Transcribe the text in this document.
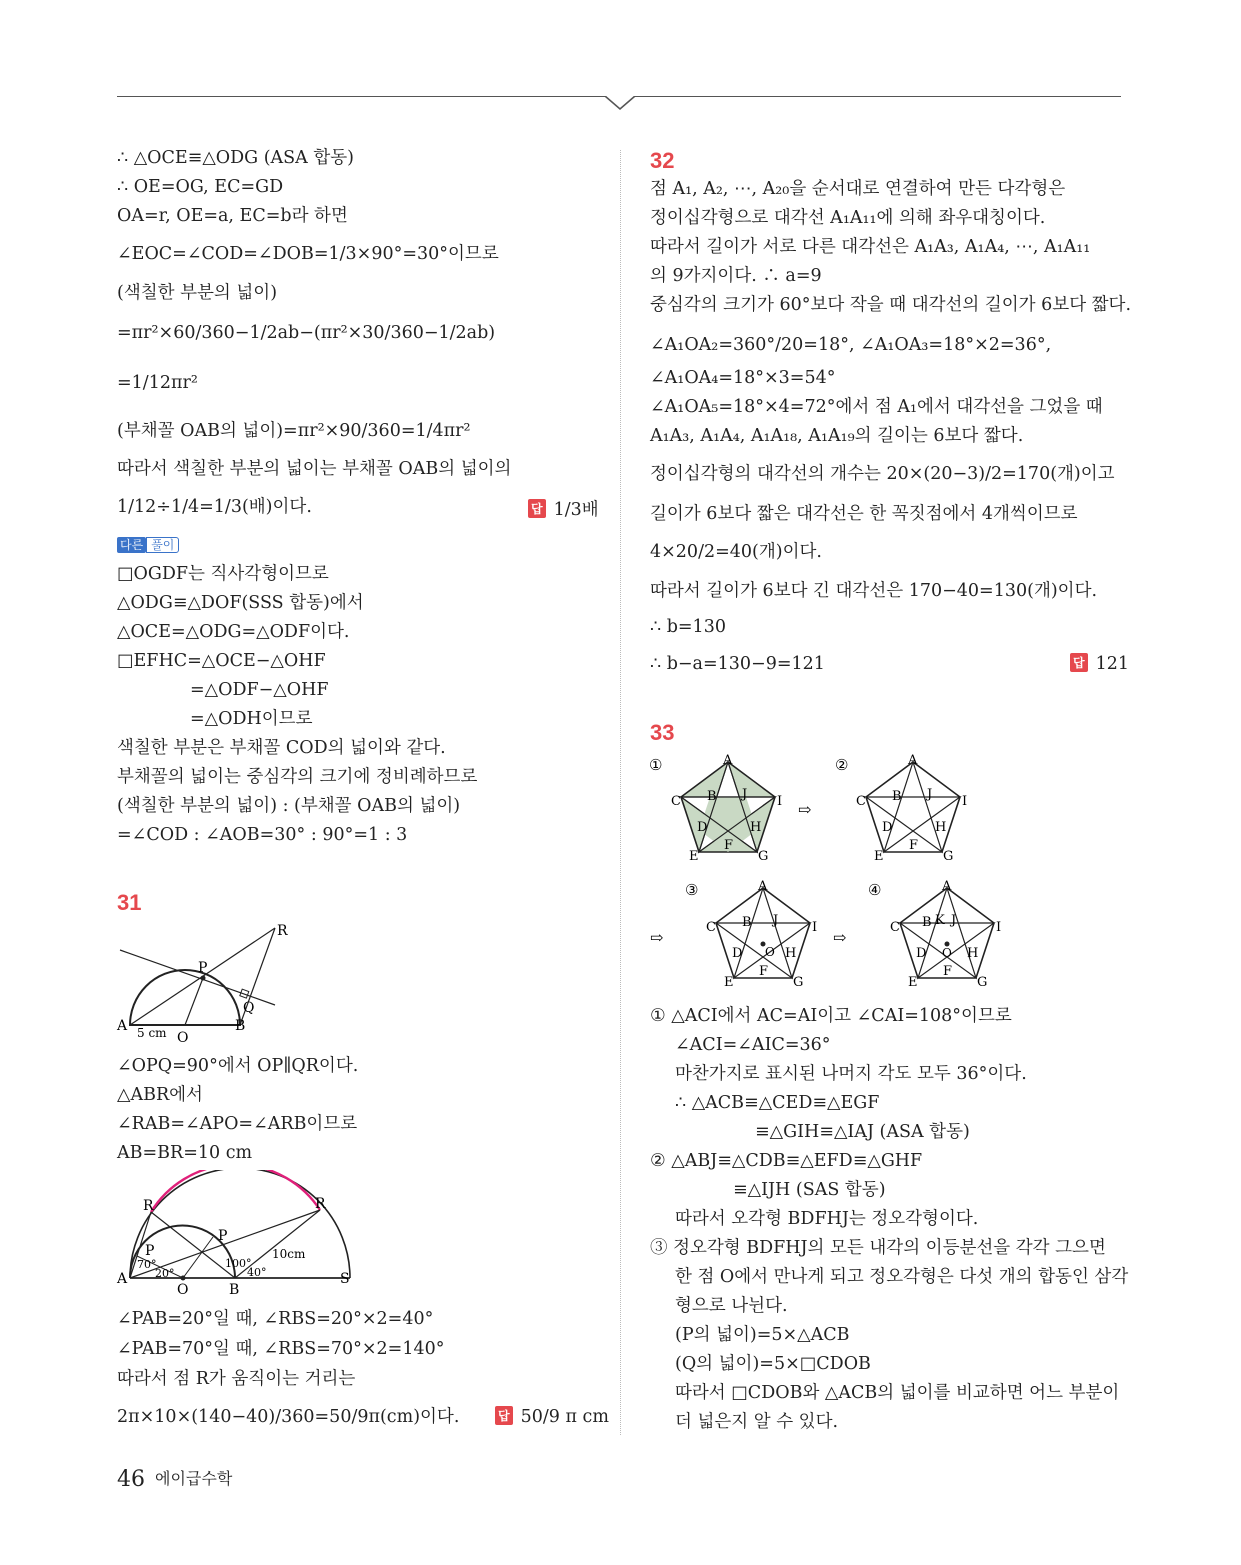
∴ △OCE≡△ODG (ASA 합동)
∴ OE=OG, EC=GD
OA=r, OE=a, EC=b라 하면
∠EOC=∠COD=∠DOB=1/3×90°=30°이므로
(색칠한 부분의 넓이)
=πr²×60/360−1/2ab−(πr²×30/360−1/2ab)
=1/12πr²
(부채꼴 OAB의 넓이)=πr²×90/360=1/4πr²
따라서 색칠한 부분의 넓이는 부채꼴 OAB의 넓이의
1/12÷1/4=1/3(배)이다.	답 1/3배
다른 풀이
□OGDF는 직사각형이므로
△ODG≡△DOF(SSS 합동)에서
△OCE=△ODG=△ODF이다.
□EFHC=△OCE−△OHF
=△ODF−△OHF
=△ODH이므로
색칠한 부분은 부채꼴 COD의 넓이와 같다.
부채꼴의 넓이는 중심각의 크기에 정비례하므로
(색칠한 부분의 넓이) : (부채꼴 OAB의 넓이)
=∠COD : ∠AOB=30° : 90°=1 : 3
31
R
P
Q
A
O
B
5 cm
∠OPQ=90°에서 OP∥QR이다.
△ABR에서
∠RAB=∠APO=∠ARB이므로
AB=BR=10 cm
R	R
P
P
A
O	B
S
70°
20°
100°
40°
10cm
∠PAB=20°일 때, ∠RBS=20°×2=40°
∠PAB=70°일 때, ∠RBS=70°×2=140°
따라서 점 R가 움직이는 거리는
2π×10×(140−40)/360=50/9π(cm)이다.	답 50/9 π cm
32
점 A₁, A₂, ⋯, A₂₀을 순서대로 연결하여 만든 다각형은
정이십각형으로 대각선 A₁A₁₁에 의해 좌우대칭이다.
따라서 길이가 서로 다른 대각선은 A₁A₃, A₁A₄, ⋯, A₁A₁₁
의 9가지이다. ∴ a=9
중심각의 크기가 60°보다 작을 때 대각선의 길이가 6보다 짧다.
∠A₁OA₂=360°/20=18°, ∠A₁OA₃=18°×2=36°,
∠A₁OA₄=18°×3=54°
∠A₁OA₅=18°×4=72°에서 점 A₁에서 대각선을 그었을 때
A₁A₃, A₁A₄, A₁A₁₈, A₁A₁₉의 길이는 6보다 짧다.
정이십각형의 대각선의 개수는 20×(20−3)/2=170(개)이고
길이가 6보다 짧은 대각선은 한 꼭짓점에서 4개씩이므로
4×20/2=40(개)이다.
따라서 길이가 6보다 긴 대각선은 170−40=130(개)이다.
∴ b=130
∴ b−a=130−9=121	답 121
33
①	②
③	④
⇨
⇨	⇨
A
B
C
D
E
F
G
H
I
J
A
B
C
D
E
F
G
H
I
J
A
B
C
D
E
F
G
H
I
J
O
A
B
C
D
E
F
G
H
I
J
O
K
① △ACI에서 AC=AI이고 ∠CAI=108°이므로
∠ACI=∠AIC=36°
마찬가지로 표시된 나머지 각도 모두 36°이다.
∴ △ACB≡△CED≡△EGF
≡△GIH≡△IAJ (ASA 합동)
② △ABJ≡△CDB≡△EFD≡△GHF
≡△IJH (SAS 합동)
따라서 오각형 BDFHJ는 정오각형이다.
③ 정오각형 BDFHJ의 모든 내각의 이등분선을 각각 그으면
한 점 O에서 만나게 되고 정오각형은 다섯 개의 합동인 삼각
형으로 나뉜다.
(P의 넓이)=5×△ACB
(Q의 넓이)=5×□CDOB
따라서 □CDOB와 △ACB의 넓이를 비교하면 어느 부분이
더 넓은지 알 수 있다.
46 에이급수학
